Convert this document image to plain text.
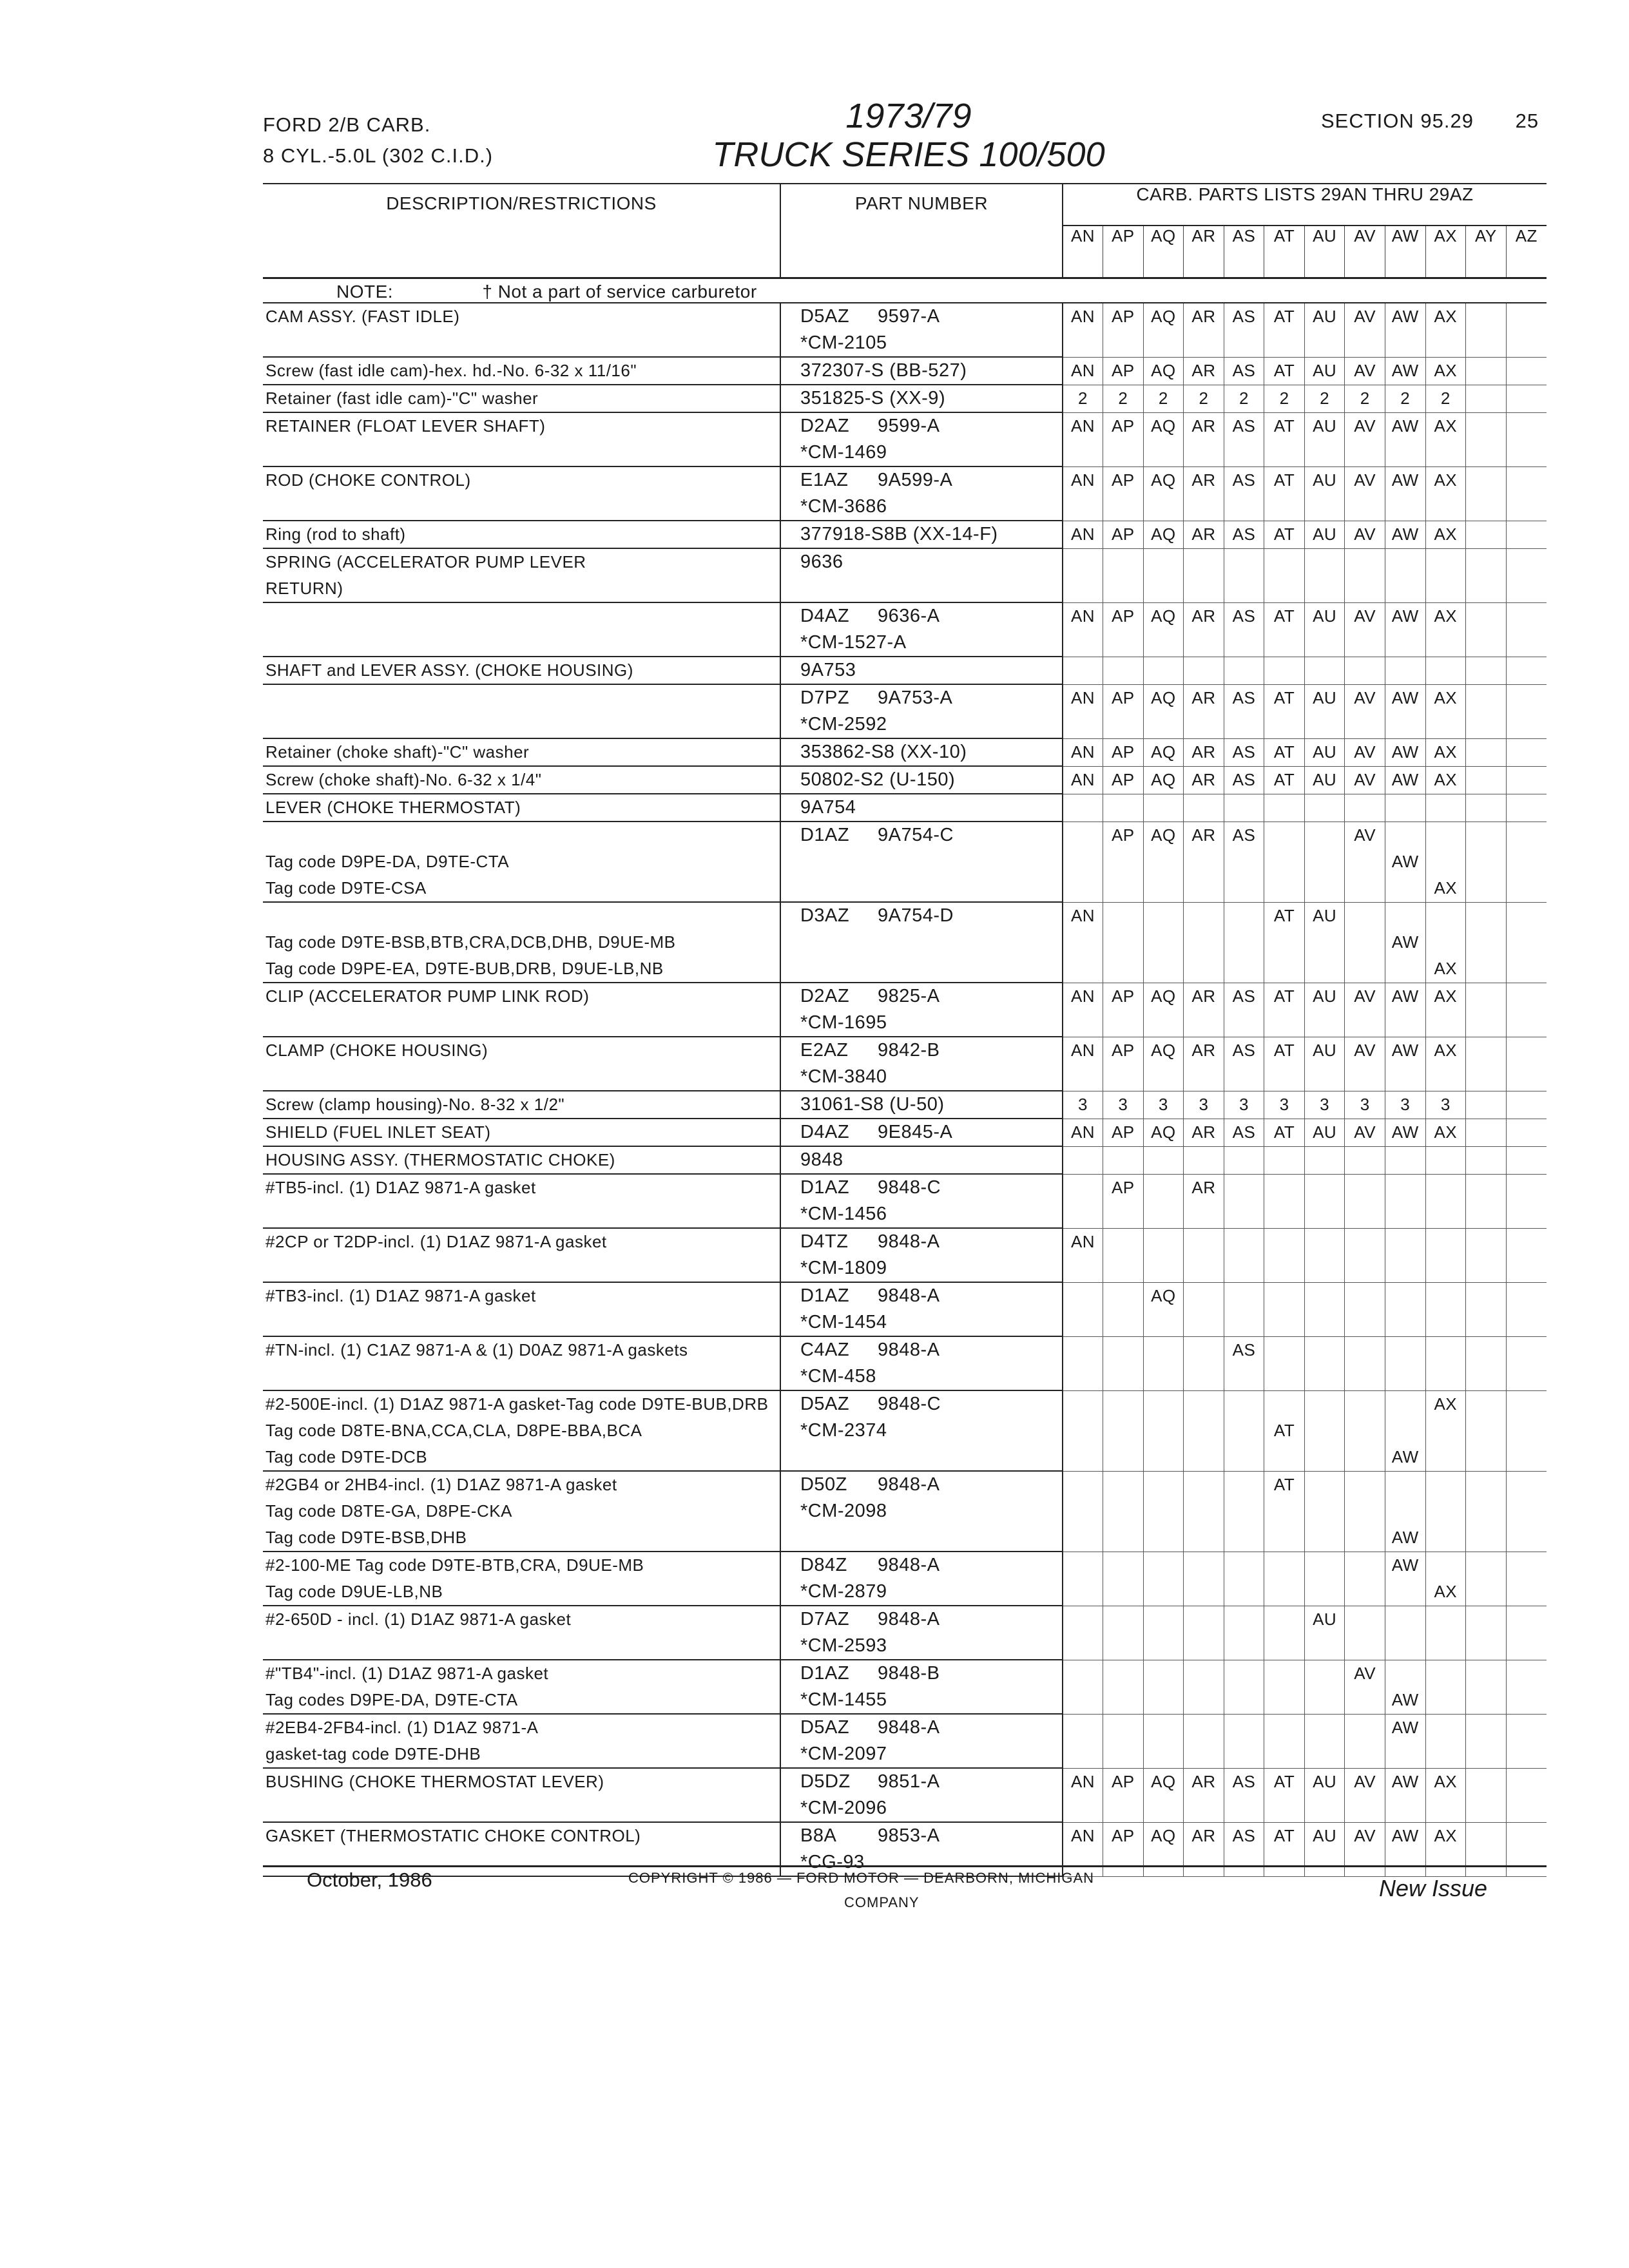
FORD 2/B CARB.
8 CYL.-5.0L (302 C.I.D.)
1973/79
TRUCK SERIES 100/500
SECTION 95.29 25
DESCRIPTION/RESTRICTIONS	PART NUMBER	CARB. PARTS LISTS 29AN THRU 29AZ											
		AN	AP	AQ	AR	AS	AT	AU	AV	AW	AX	AY	AZ
NOTE: † Not a part of service carburetor													
CAM ASSY. (FAST IDLE)	D5AZ 9597-A	AN	AP	AQ	AR	AS	AT	AU	AV	AW	AX		
	*CM-2105												
Screw (fast idle cam)-hex. hd.-No. 6-32 x 11/16"	372307-S (BB-527)	AN	AP	AQ	AR	AS	AT	AU	AV	AW	AX		
Retainer (fast idle cam)-"C" washer	351825-S (XX-9)	2	2	2	2	2	2	2	2	2	2		
RETAINER (FLOAT LEVER SHAFT)	D2AZ 9599-A	AN	AP	AQ	AR	AS	AT	AU	AV	AW	AX		
	*CM-1469												
ROD (CHOKE CONTROL)	E1AZ 9A599-A	AN	AP	AQ	AR	AS	AT	AU	AV	AW	AX		
	*CM-3686												
Ring (rod to shaft)	377918-S8B (XX-14-F)	AN	AP	AQ	AR	AS	AT	AU	AV	AW	AX		
SPRING (ACCELERATOR PUMP LEVER	9636												
RETURN)													
	D4AZ 9636-A	AN	AP	AQ	AR	AS	AT	AU	AV	AW	AX		
	*CM-1527-A												
SHAFT and LEVER ASSY. (CHOKE HOUSING)	9A753												
	D7PZ 9A753-A	AN	AP	AQ	AR	AS	AT	AU	AV	AW	AX		
	*CM-2592												
Retainer (choke shaft)-"C" washer	353862-S8 (XX-10)	AN	AP	AQ	AR	AS	AT	AU	AV	AW	AX		
Screw (choke shaft)-No. 6-32 x 1/4"	50802-S2 (U-150)	AN	AP	AQ	AR	AS	AT	AU	AV	AW	AX		
LEVER (CHOKE THERMOSTAT)	9A754												
	D1AZ 9A754-C		AP	AQ	AR	AS			AV				
Tag code D9PE-DA, D9TE-CTA										AW			
Tag code D9TE-CSA											AX		
	D3AZ 9A754-D	AN					AT	AU					
Tag code D9TE-BSB,BTB,CRA,DCB,DHB, D9UE-MB										AW			
Tag code D9PE-EA, D9TE-BUB,DRB, D9UE-LB,NB											AX		
CLIP (ACCELERATOR PUMP LINK ROD)	D2AZ 9825-A	AN	AP	AQ	AR	AS	AT	AU	AV	AW	AX		
	*CM-1695												
CLAMP (CHOKE HOUSING)	E2AZ 9842-B	AN	AP	AQ	AR	AS	AT	AU	AV	AW	AX		
	*CM-3840												
Screw (clamp housing)-No. 8-32 x 1/2"	31061-S8 (U-50)	3	3	3	3	3	3	3	3	3	3		
SHIELD (FUEL INLET SEAT)	D4AZ 9E845-A	AN	AP	AQ	AR	AS	AT	AU	AV	AW	AX		
HOUSING ASSY. (THERMOSTATIC CHOKE)	9848												
#TB5-incl. (1) D1AZ 9871-A gasket	D1AZ 9848-C		AP		AR								
	*CM-1456												
#2CP or T2DP-incl. (1) D1AZ 9871-A gasket	D4TZ 9848-A	AN											
	*CM-1809												
#TB3-incl. (1) D1AZ 9871-A gasket	D1AZ 9848-A			AQ									
	*CM-1454												
#TN-incl. (1) C1AZ 9871-A & (1) D0AZ 9871-A gaskets	C4AZ 9848-A					AS							
	*CM-458												
#2-500E-incl. (1) D1AZ 9871-A gasket-Tag code D9TE-BUB,DRB	D5AZ 9848-C										AX		
Tag code D8TE-BNA,CCA,CLA, D8PE-BBA,BCA	*CM-2374						AT						
Tag code D9TE-DCB										AW			
#2GB4 or 2HB4-incl. (1) D1AZ 9871-A gasket	D50Z 9848-A						AT						
Tag code D8TE-GA, D8PE-CKA	*CM-2098												
Tag code D9TE-BSB,DHB										AW			
#2-100-ME Tag code D9TE-BTB,CRA, D9UE-MB	D84Z 9848-A									AW			
Tag code D9UE-LB,NB	*CM-2879										AX		
#2-650D - incl. (1) D1AZ 9871-A gasket	D7AZ 9848-A							AU					
	*CM-2593												
#"TB4"-incl. (1) D1AZ 9871-A gasket	D1AZ 9848-B								AV				
Tag codes D9PE-DA, D9TE-CTA	*CM-1455									AW			
#2EB4-2FB4-incl. (1) D1AZ 9871-A	D5AZ 9848-A									AW			
gasket-tag code D9TE-DHB	*CM-2097												
BUSHING (CHOKE THERMOSTAT LEVER)	D5DZ 9851-A	AN	AP	AQ	AR	AS	AT	AU	AV	AW	AX		
	*CM-2096												
GASKET (THERMOSTATIC CHOKE CONTROL)	B8A 9853-A	AN	AP	AQ	AR	AS	AT	AU	AV	AW	AX		
	*CG-93												
October, 1986	COPYRIGHT © 1986 — FORD MOTOR — DEARBORN, MICHIGAN
COMPANY
New Issue
